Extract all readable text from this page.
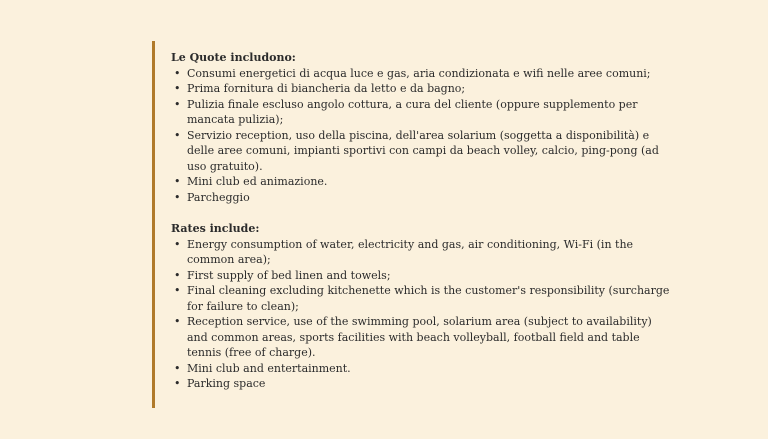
Le Quote includono:

• Consumi energetici di acqua luce e gas, aria condizionata e wifi nelle aree comuni;
• Prima fornitura di biancheria da letto e da bagno;
• Pulizia finale escluso angolo cottura, a cura del cliente (oppure supplemento per mancata pulizia);
• Servizio reception, uso della piscina, dell'area solarium (soggetta a disponibilità) e delle aree comuni, impianti sportivi con campi da beach volley, calcio, ping-pong (ad uso gratuito).
• Mini club ed animazione.
• Parcheggio

Rates include:

• Energy consumption of water, electricity and gas, air conditioning, Wi-Fi (in the common area);
• First supply of bed linen and towels;
• Final cleaning excluding kitchenette which is the customer's responsibility (surcharge for failure to clean);
• Reception service, use of the swimming pool, solarium area (subject to availability) and common areas, sports facilities with beach volleyball, football field and table tennis (free of charge).
• Mini club and entertainment.
• Parking space
